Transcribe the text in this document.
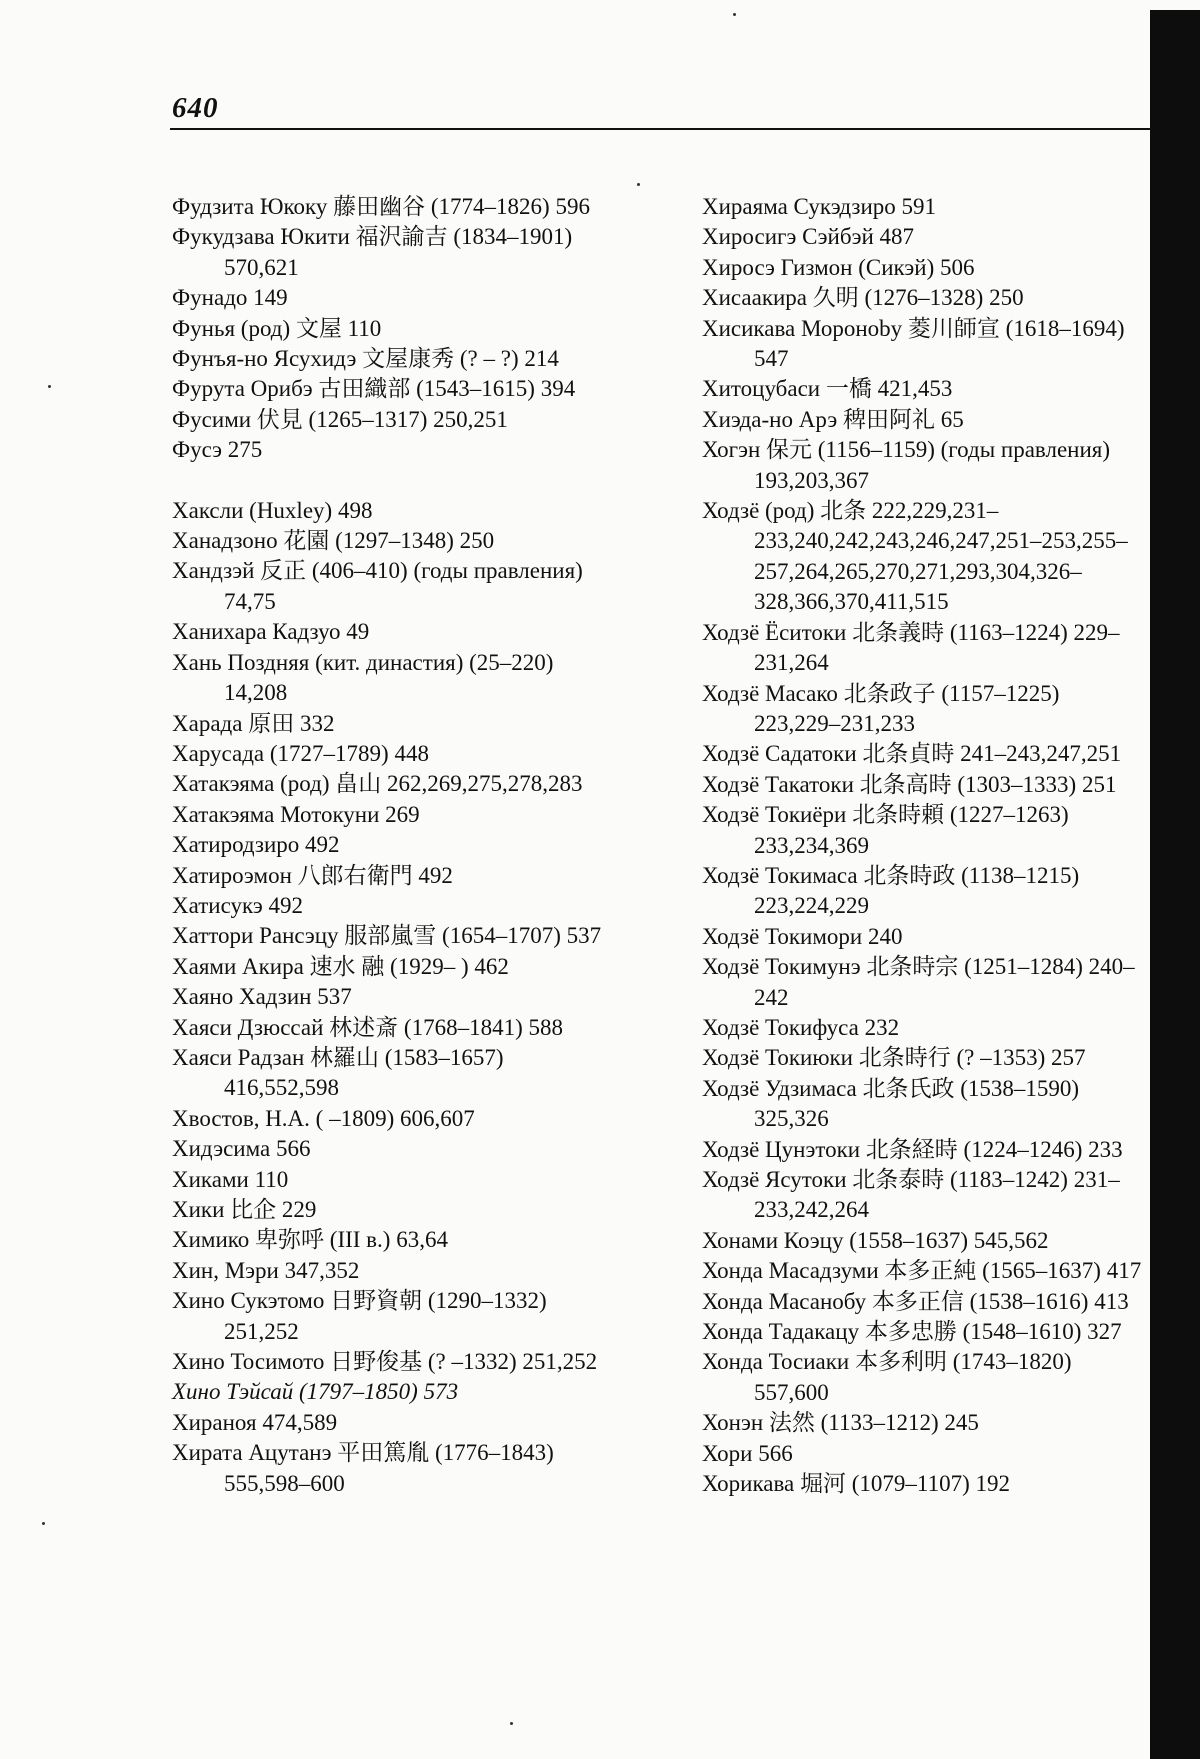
640
Фудзита Юкоку 藤田幽谷 (1774–1826) 596
Фукудзава Юкити 福沢諭吉 (1834–1901) 570,621
Фунадо 149
Фунья (род) 文屋 110
Фунъя-но Ясухидэ 文屋康秀 (? – ?) 214
Фурута Орибэ 古田織部 (1543–1615) 394
Фусими 伏見 (1265–1317) 250,251
Фусэ 275
Хаксли (Huxley) 498
Ханадзоно 花園 (1297–1348) 250
Хандзэй 反正 (406–410) (годы правления) 74,75
Ханихара Кадзуо 49
Хань Поздняя (кит. династия) (25–220) 14,208
Харада 原田 332
Харусада (1727–1789) 448
Хатакэяма (род) 畠山 262,269,275,278,283
Хатакэяма Мотокуни 269
Хатиродзиро 492
Хатироэмон 八郎右衛門 492
Хатисукэ 492
Хаттори Рансэцу 服部嵐雪 (1654–1707) 537
Хаями Акира 速水 融 (1929– ) 462
Хаяно Хадзин 537
Хаяси Дзюссай 林述斎 (1768–1841) 588
Хаяси Радзан 林羅山 (1583–1657) 416,552,598
Хвостов, Н.А. ( –1809) 606,607
Хидэсима 566
Хиками 110
Хики 比企 229
Химико 卑弥呼 (III в.) 63,64
Хин, Мэри 347,352
Хино Сукэтомо 日野資朝 (1290–1332) 251,252
Хино Тосимото 日野俊基 (? –1332) 251,252
Хино Тэйсай (1797–1850) 573
Хираноя 474,589
Хирата Ацутанэ 平田篤胤 (1776–1843) 555,598–600
Хираяма Сукэдзиро 591
Хиросигэ Сэйбэй 487
Хиросэ Гизмон (Сикэй) 506
Хисаакира 久明 (1276–1328) 250
Хисикава Мороноbу 菱川師宣 (1618–1694) 547
Хитоцубаси 一橋 421,453
Хиэда-но Арэ 稗田阿礼 65
Хогэн 保元 (1156–1159) (годы правления) 193,203,367
Ходзё (род) 北条 222,229,231–233,240,242,243,246,247,251–253,255–257,264,265,270,271,293,304,326–328,366,370,411,515
Ходзё Ёситоки 北条義時 (1163–1224) 229–231,264
Ходзё Масако 北条政子 (1157–1225) 223,229–231,233
Ходзё Садатоки 北条貞時 241–243,247,251
Ходзё Такатоки 北条高時 (1303–1333) 251
Ходзё Токиёри 北条時頼 (1227–1263) 233,234,369
Ходзё Токимаса 北条時政 (1138–1215) 223,224,229
Ходзё Токимори 240
Ходзё Токимунэ 北条時宗 (1251–1284) 240–242
Ходзё Токифуса 232
Ходзё Токиюки 北条時行 (? –1353) 257
Ходзё Удзимаса 北条氏政 (1538–1590) 325,326
Ходзё Цунэтоки 北条経時 (1224–1246) 233
Ходзё Ясутоки 北条泰時 (1183–1242) 231–233,242,264
Хонами Коэцу (1558–1637) 545,562
Хонда Масадзуми 本多正純 (1565–1637) 417
Хонда Масанобу 本多正信 (1538–1616) 413
Хонда Тадакацу 本多忠勝 (1548–1610) 327
Хонда Тосиаки 本多利明 (1743–1820) 557,600
Хонэн 法然 (1133–1212) 245
Хори 566
Хорикава 堀河 (1079–1107) 192
